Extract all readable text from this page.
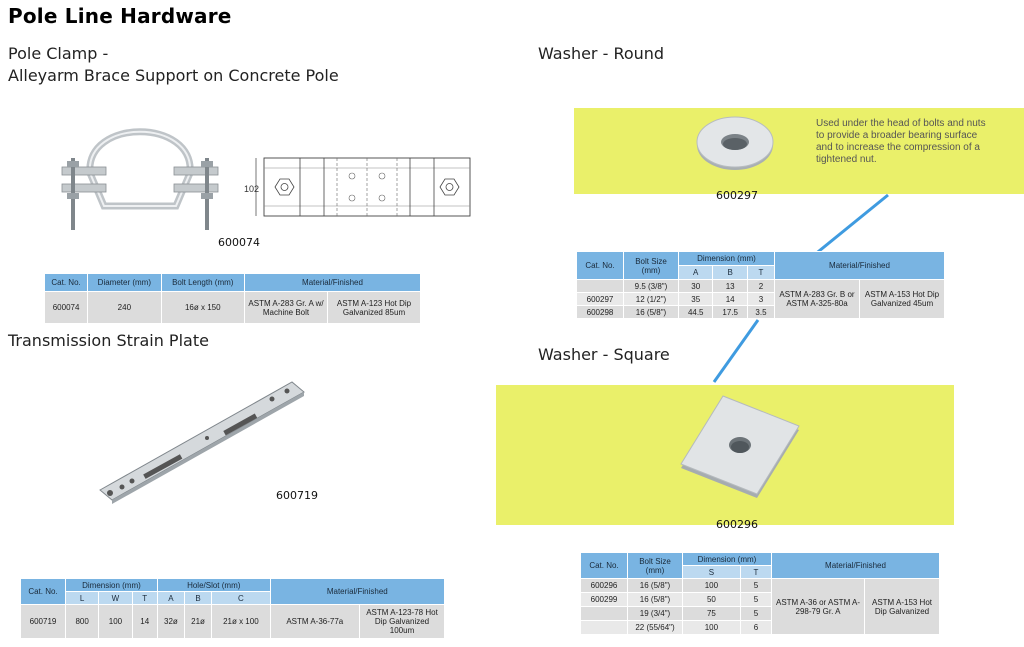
Pole Line Hardware
Pole Clamp -
Alleyarm Brace Support on Concrete Pole
102
600074
Cat. No.	Diameter (mm)	Bolt Length (mm)	Material/Finished	
600074	240	16ø x 150	ASTM A-283 Gr. A w/ Machine Bolt	ASTM A-123 Hot Dip Galvanized 85um
Transmission Strain Plate
600719
Cat. No.	Dimension (mm)			Hole/Slot (mm)			Material/Finished	
	L	W	T	A	B	C		
600719	800	100	14	32ø	21ø	21ø x 100	ASTM A-36-77a	ASTM A-123-78 Hot Dip Galvanized 100um
Washer - Round
Used under the head of bolts and nuts to provide a broader bearing surface and to increase the compression of a tightened nut.
600297
Cat. No.	Bolt Size (mm)	Dimension (mm)			Material/Finished	
		A	B	T		
	9.5 (3/8")	30	13	2	ASTM A-283 Gr. B or ASTM A-325-80a	ASTM A-153 Hot Dip Galvanized 45um
600297	12 (1/2")	35	14	3		
600298	16 (5/8")	44.5	17.5	3.5		
Washer - Square
600296
Cat. No.	Bolt Size (mm)	Dimension (mm)		Material/Finished	
		S	T		
600296	16 (5/8")	100	5	ASTM A-36 or ASTM A-298-79 Gr. A	ASTM A-153 Hot Dip Galvanized
600299	16 (5/8")	50	5		
	19 (3/4")	75	5		
	22 (55/64")	100	6		
